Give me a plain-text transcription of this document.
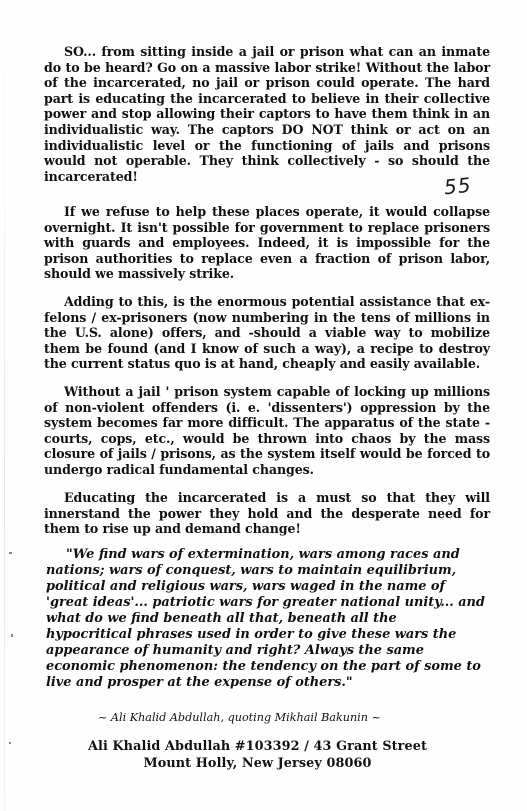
SO... from sitting inside a jail or prison what can an inmate do to be heard? Go on a massive labor strike! Without the labor of the incarcerated, no jail or prison could operate. The hard part is educating the incarcerated to believe in their collective power and stop allowing their captors to have them think in an individualistic way. The captors DO NOT think or act on an individualistic level or the functioning of jails and prisons would not operable. They think collectively - so should the incarcerated!	55
If we refuse to help these places operate, it would collapse overnight. It isn't possible for government to replace prisoners with guards and employees. Indeed, it is impossible for the prison authorities to replace even a fraction of prison labor, should we massively strike.
Adding to this, is the enormous potential assistance that ex-felons / ex-prisoners (now numbering in the tens of millions in the U.S. alone) offers, and -should a viable way to mobilize them be found (and I know of such a way), a recipe to destroy the current status quo is at hand, cheaply and easily available.
Without a jail ' prison system capable of locking up millions of non-violent offenders (i. e. 'dissenters') oppression by the system becomes far more difficult. The apparatus of the state - courts, cops, etc., would be thrown into chaos by the mass closure of jails / prisons, as the system itself would be forced to undergo radical fundamental changes.
Educating the incarcerated is a must so that they will innerstand the power they hold and the desperate need for them to rise up and demand change!
"We find wars of extermination, wars among races and nations; wars of conquest, wars to maintain equilibrium, political and religious wars, wars waged in the name of 'great ideas'... patriotic wars for greater national unity... and what do we find beneath all that, beneath all the hypocritical phrases used in order to give these wars the appearance of humanity and right? Always the same economic phenomenon: the tendency on the part of some to live and prosper at the expense of others."
~ Ali Khalid Abdullah, quoting Mikhail Bakunin ~
Ali Khalid Abdullah #103392 / 43 Grant Street
Mount Holly, New Jersey 08060
